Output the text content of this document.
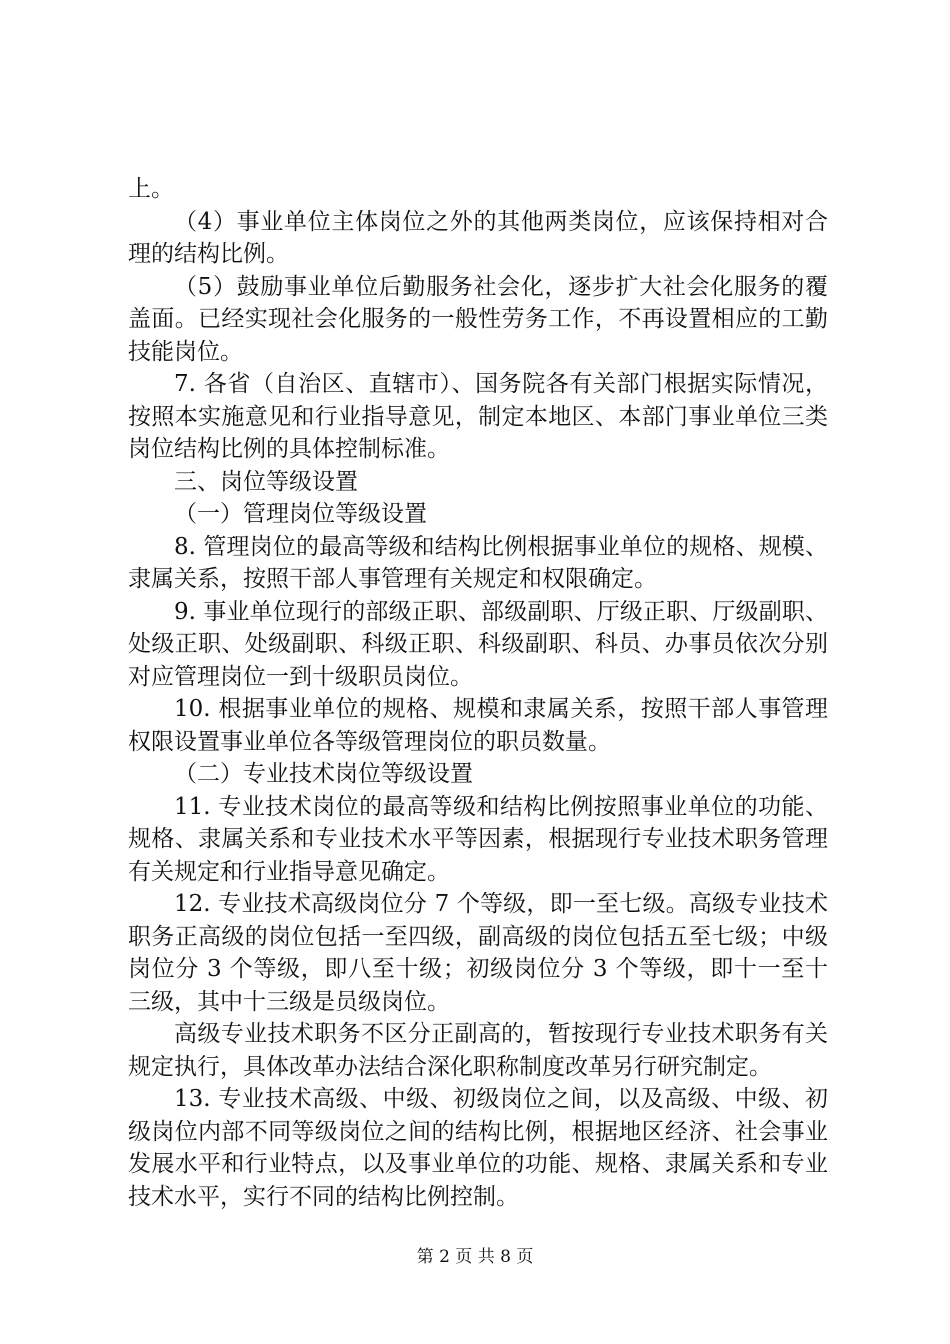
上。

（4）事业单位主体岗位之外的其他两类岗位，应该保持相对合理的结构比例。

（5）鼓励事业单位后勤服务社会化，逐步扩大社会化服务的覆盖面。已经实现社会化服务的一般性劳务工作，不再设置相应的工勤技能岗位。

7. 各省（自治区、直辖市）、国务院各有关部门根据实际情况，按照本实施意见和行业指导意见，制定本地区、本部门事业单位三类岗位结构比例的具体控制标准。

三、岗位等级设置

（一）管理岗位等级设置

8. 管理岗位的最高等级和结构比例根据事业单位的规格、规模、隶属关系，按照干部人事管理有关规定和权限确定。

9. 事业单位现行的部级正职、部级副职、厅级正职、厅级副职、处级正职、处级副职、科级正职、科级副职、科员、办事员依次分别对应管理岗位一到十级职员岗位。

10. 根据事业单位的规格、规模和隶属关系，按照干部人事管理权限设置事业单位各等级管理岗位的职员数量。

（二）专业技术岗位等级设置

11. 专业技术岗位的最高等级和结构比例按照事业单位的功能、规格、隶属关系和专业技术水平等因素，根据现行专业技术职务管理有关规定和行业指导意见确定。

12. 专业技术高级岗位分 7 个等级，即一至七级。高级专业技术职务正高级的岗位包括一至四级，副高级的岗位包括五至七级；中级岗位分 3 个等级，即八至十级；初级岗位分 3 个等级，即十一至十三级，其中十三级是员级岗位。

高级专业技术职务不区分正副高的，暂按现行专业技术职务有关规定执行，具体改革办法结合深化职称制度改革另行研究制定。

13. 专业技术高级、中级、初级岗位之间，以及高级、中级、初级岗位内部不同等级岗位之间的结构比例，根据地区经济、社会事业发展水平和行业特点，以及事业单位的功能、规格、隶属关系和专业技术水平，实行不同的结构比例控制。

第 2 页 共 8 页
